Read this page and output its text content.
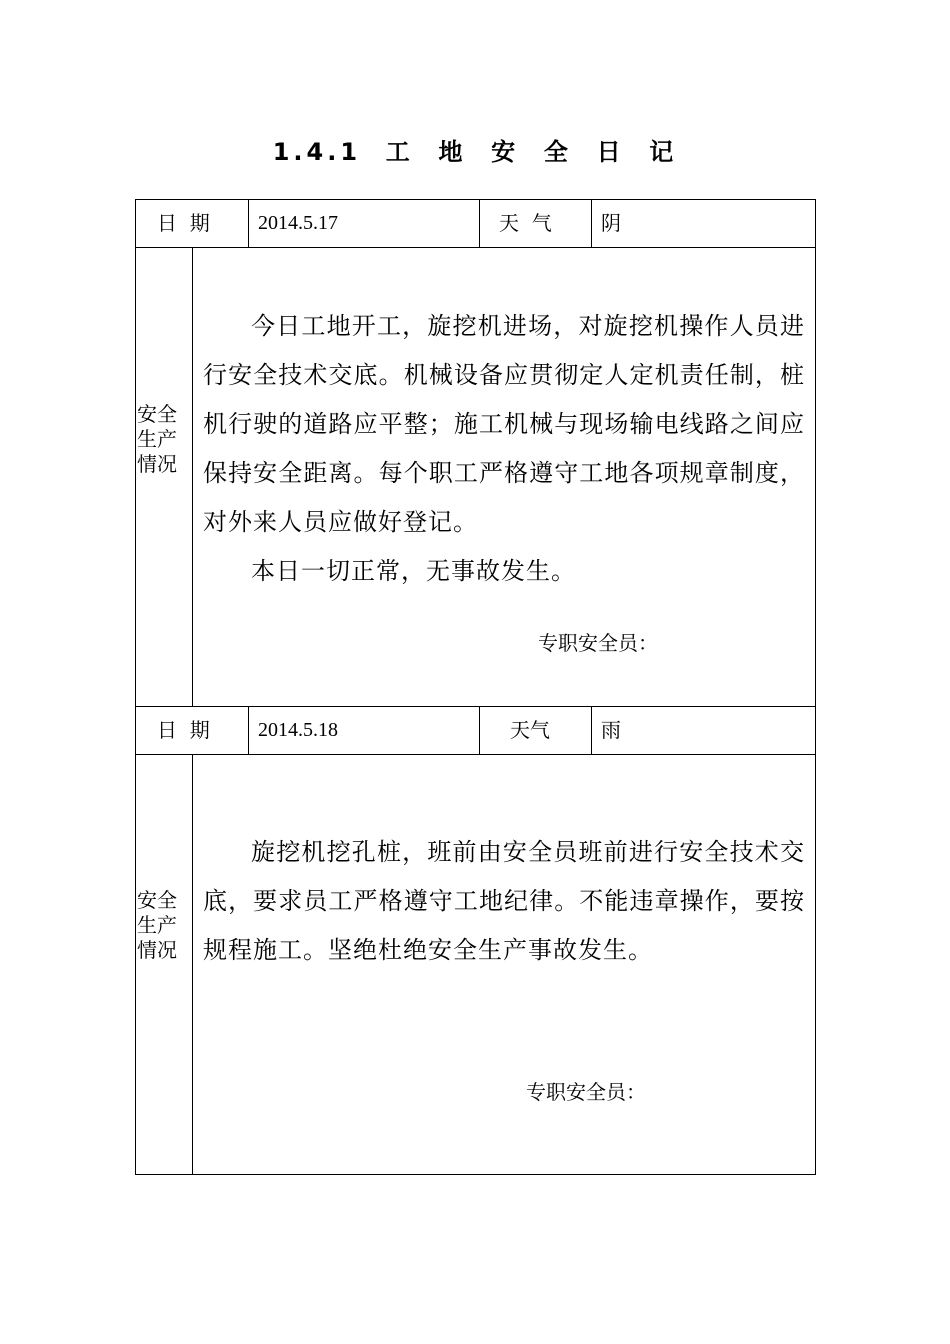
1.4.1  工  地  安  全  日  记
日  期 2014.5.17	天  气 阴
安全生产情况

今日工地开工，旋挖机进场，对旋挖机操作人员进行安全技术交底。机械设备应贯彻定人定机责任制，桩机行驶的道路应平整；施工机械与现场输电线路之间应保持安全距离。每个职工严格遵守工地各项规章制度，对外来人员应做好登记。

本日一切正常，无事故发生。

专职安全员：
日  期 2014.5.18	天气	雨
安全生产情况

旋挖机挖孔桩，班前由安全员班前进行安全技术交底，要求员工严格遵守工地纪律。不能违章操作，要按规程施工。坚绝杜绝安全生产事故发生。

专职安全员：
